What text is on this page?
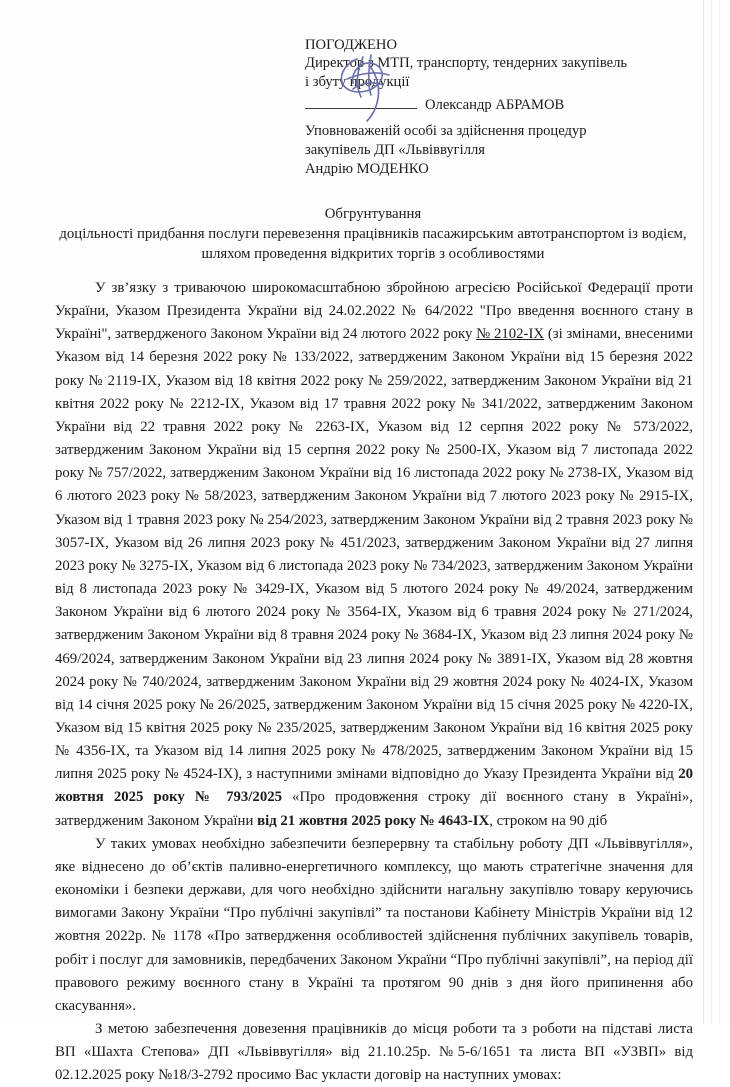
ПОГОДЖЕНО
Директор з МТП, транспорту, тендерних закупівель
і збуту продукції
Олександр АБРАМОВ
Уповноваженій особі за здійснення процедур
закупівель ДП «Львіввугілля
Андрію МОДЕНКО
Обгрунтування
доцільності придбання послуги перевезення працівників пасажирським автотранспортом із водієм,
шляхом проведення відкритих торгів з особливостями

У зв’язку з триваючою широкомасштабною збройною агресією Російської Федерації проти України, Указом Президента України від 24.02.2022 № 64/2022 "Про введення воєнного стану в Україні", затвердженого Законом України від 24 лютого 2022 року № 2102-IX (зі змінами, внесеними Указом від 14 березня 2022 року № 133/2022, затвердженим Законом України від 15 березня 2022 року № 2119-IX, Указом від 18 квітня 2022 року № 259/2022, затвердженим Законом України від 21 квітня 2022 року № 2212-IX, Указом від 17 травня 2022 року № 341/2022, затвердженим Законом України від 22 травня 2022 року № 2263-IX, Указом від 12 серпня 2022 року № 573/2022, затвердженим Законом України від 15 серпня 2022 року № 2500-IX, Указом від 7 листопада 2022 року № 757/2022, затвердженим Законом України від 16 листопада 2022 року № 2738-IX, Указом від 6 лютого 2023 року № 58/2023, затвердженим Законом України від 7 лютого 2023 року № 2915-IX, Указом від 1 травня 2023 року № 254/2023, затвердженим Законом України від 2 травня 2023 року № 3057-IX, Указом від 26 липня 2023 року № 451/2023, затвердженим Законом України від 27 липня 2023 року № 3275-IX, Указом від 6 листопада 2023 року № 734/2023, затвердженим Законом України від 8 листопада 2023 року № 3429-IX, Указом від 5 лютого 2024 року № 49/2024, затвердженим Законом України від 6 лютого 2024 року № 3564-IX, Указом від 6 травня 2024 року № 271/2024, затвердженим Законом України від 8 травня 2024 року № 3684-IX, Указом від 23 липня 2024 року № 469/2024, затвердженим Законом України від 23 липня 2024 року № 3891-IX, Указом від 28 жовтня 2024 року № 740/2024, затвердженим Законом України від 29 жовтня 2024 року № 4024-IX, Указом від 14 січня 2025 року № 26/2025, затвердженим Законом України від 15 січня 2025 року № 4220-IX, Указом від 15 квітня 2025 року № 235/2025, затвердженим Законом України від 16 квітня 2025 року № 4356-IX, та Указом від 14 липня 2025 року № 478/2025, затвердженим Законом України від 15 липня 2025 року № 4524-IX), з наступними змінами відповідно до Указу Президента України від 20 жовтня 2025 року № 793/2025 «Про продовження строку дії воєнного стану в Україні», затвердженим Законом України від 21 жовтня 2025 року № 4643-IX, строком на 90 діб

У таких умовах необхідно забезпечити безперервну та стабільну роботу ДП «Львіввугілля», яке віднесено до об’єктів паливно-енергетичного комплексу, що мають стратегічне значення для економіки і безпеки держави, для чого необхідно здійснити нагальну закупівлю товару керуючись вимогами Закону України “Про публічні закупівлі” та постанови Кабінету Міністрів України від 12 жовтня 2022р. № 1178 «Про затвердження особливостей здійснення публічних закупівель товарів, робіт і послуг для замовників, передбачених Законом України “Про публічні закупівлі”, на період дії правового режиму воєнного стану в Україні та протягом 90 днів з дня його припинення або скасування».

З метою забезпечення довезення працівників до місця роботи та з роботи на підставі листа ВП «Шахта Степова» ДП «Львіввугілля» від 21.10.25р. №5-6/1651 та листа ВП «УЗВП» від 02.12.2025 року №18/3-2792 просимо Вас укласти договір на наступних умовах:
